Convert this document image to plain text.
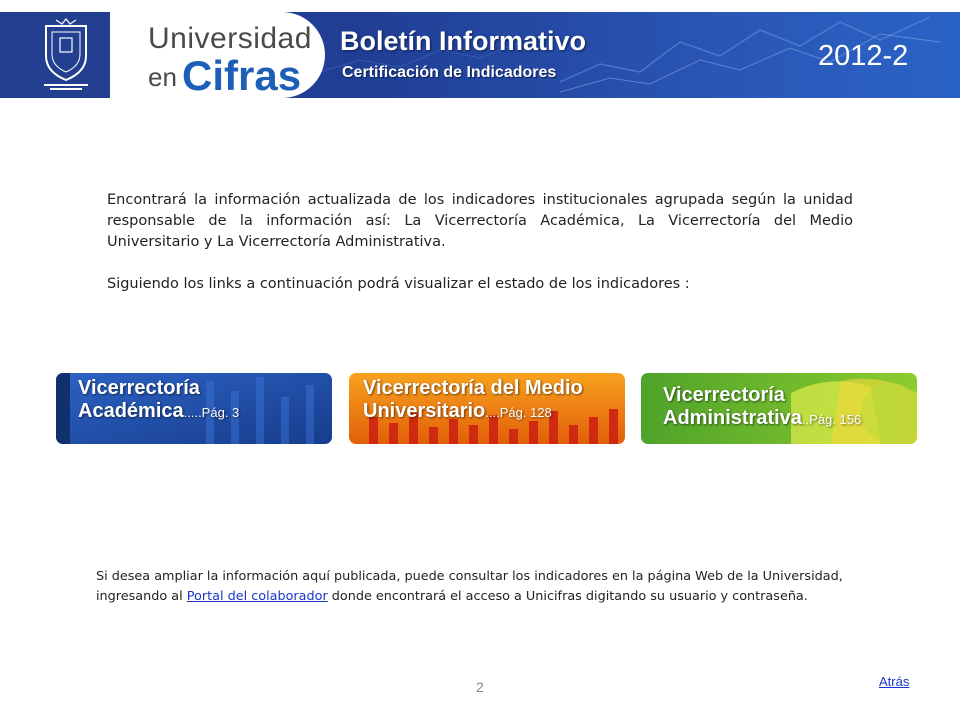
Universidad
en Cifras
Boletín Informativo
Certificación de Indicadores
2012-2

Encontrará la información actualizada de los indicadores institucionales agrupada según la unidad responsable de la información así: La Vicerrectoría Académica, La Vicerrectoría del Medio Universitario y La Vicerrectoría Administrativa.

Siguiendo los links a continuación podrá visualizar el estado de los indicadores :

Vicerrectoría
Académica.....Pág. 3
Vicerrectoría del Medio
Universitario....Pág. 128
Vicerrectoría
Administrativa..Pág. 156
Si desea ampliar la información aquí publicada, puede consultar los indicadores en la página Web de la Universidad, ingresando al Portal del colaborador donde encontrará el acceso a Unicifras digitando su usuario y contraseña.
2	Atrás
